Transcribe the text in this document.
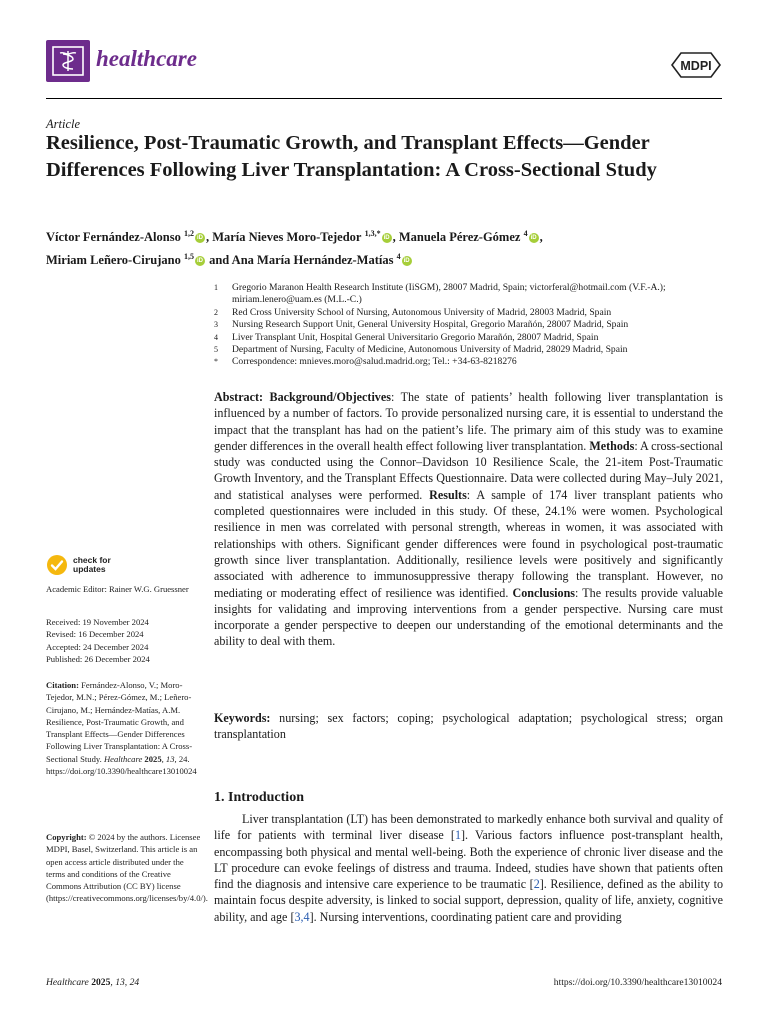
healthcare	MDPI
Article
Resilience, Post-Traumatic Growth, and Transplant Effects—Gender Differences Following Liver Transplantation: A Cross-Sectional Study
Víctor Fernández-Alonso $^{1,2}$iD , María Nieves Moro-Tejedor $^{1,3,*}$iD , Manuela Pérez-Gómez $^4$iD ,
Miriam Leñero-Cirujano $^{1,5}$iD and Ana María Hernández-Matías $^4$iD
1	Gregorio Maranon Health Research Institute (IiSGM), 28007 Madrid, Spain; victorferal@hotmail.com (V.F.-A.); miriam.lenero@uam.es (M.L.-C.)
2	Red Cross University School of Nursing, Autonomous University of Madrid, 28003 Madrid, Spain
3	Nursing Research Support Unit, General University Hospital, Gregorio Marañón, 28007 Madrid, Spain
4	Liver Transplant Unit, Hospital General Universitario Gregorio Marañón, 28007 Madrid, Spain
5	Department of Nursing, Faculty of Medicine, Autonomous University of Madrid, 28029 Madrid, Spain
*	Correspondence: mnieves.moro@salud.madrid.org; Tel.: +34-63-8218276
Abstract: Background/Objectives: The state of patients’ health following liver transplantation is influenced by a number of factors. To provide personalized nursing care, it is essential to understand the impact that the transplant has had on the patient’s life. The primary aim of this study was to examine gender differences in the overall health effect following liver transplantation. Methods: A cross-sectional study was conducted using the Connor–Davidson 10 Resilience Scale, the 21-item Post-Traumatic Growth Inventory, and the Transplant Effects Questionnaire. Data were collected during May–July 2021, and statistical analyses were performed. Results: A sample of 174 liver transplant patients who completed questionnaires were included in this study. Of these, 24.1% were women. Psychological resilience in men was correlated with personal strength, whereas in women, it was associated with relationships with others. Significant gender differences were found in psychological post-traumatic growth since liver transplantation. Additionally, resilience levels were positively and significantly associated with adherence to immunosuppressive therapy following the transplant. However, no mediating or moderating effect of resilience was identified. Conclusions: The results provide valuable insights for validating and improving interventions from a gender perspective. Nursing care must incorporate a gender perspective to deepen our understanding of the emotional determinants and the ability to deal with them.
Keywords: nursing; sex factors; coping; psychological adaptation; psychological stress; organ transplantation
check for
updates
Academic Editor: Rainer W.G. Gruessner
Received: 19 November 2024
Revised: 16 December 2024
Accepted: 24 December 2024
Published: 26 December 2024
Citation: Fernández-Alonso, V.; Moro-Tejedor, M.N.; Pérez-Gómez, M.; Leñero-Cirujano, M.; Hernández-Matías, A.M. Resilience, Post-Traumatic Growth, and Transplant Effects—Gender Differences Following Liver Transplantation: A Cross-Sectional Study. Healthcare 2025, 13, 24. https://doi.org/10.3390/healthcare13010024
Copyright: © 2024 by the authors. Licensee MDPI, Basel, Switzerland. This article is an open access article distributed under the terms and conditions of the Creative Commons Attribution (CC BY) license (https://creativecommons.org/licenses/by/4.0/).
1. Introduction
Liver transplantation (LT) has been demonstrated to markedly enhance both survival and quality of life for patients with terminal liver disease [1]. Various factors influence post-transplant health, encompassing both physical and mental well-being. Both the experience of chronic liver disease and the LT procedure can evoke feelings of distress and trauma. Indeed, studies have shown that patients often find the diagnosis and intensive care experience to be traumatic [2]. Resilience, defined as the ability to maintain focus despite adversity, is linked to social support, depression, quality of life, anxiety, cognitive ability, and age [3,4]. Nursing interventions, coordinating patient care and providing
Healthcare 2025, 13, 24	https://doi.org/10.3390/healthcare13010024
